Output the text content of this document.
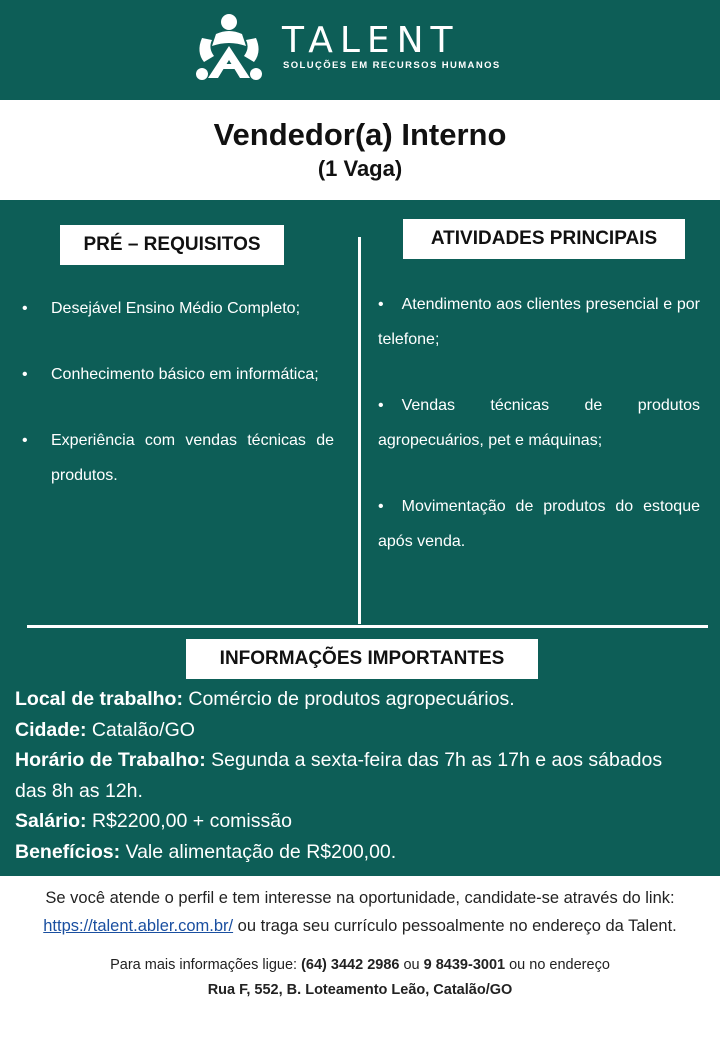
TALENT
SOLUÇÕES EM RECURSOS HUMANOS
Vendedor(a) Interno
(1 Vaga)
PRÉ – REQUISITOS	ATIVIDADES PRINCIPAIS
• Desejável Ensino Médio Completo;
• Conhecimento básico em informática;
• Experiência com vendas técnicas de produtos.
• Atendimento aos clientes presencial e por telefone;
• Vendas técnicas de produtos agropecuários, pet e máquinas;
• Movimentação de produtos do estoque após venda.
INFORMAÇÕES IMPORTANTES
Local de trabalho: Comércio de produtos agropecuários.
Cidade: Catalão/GO
Horário de Trabalho: Segunda a sexta-feira das 7h as 17h e aos sábados das 8h as 12h.
Salário: R$2200,00 + comissão
Benefícios: Vale alimentação de R$200,00.
Se você atende o perfil e tem interesse na oportunidade, candidate-se através do link: https://talent.abler.com.br/ ou traga seu currículo pessoalmente no endereço da Talent.
Para mais informações ligue: (64) 3442 2986 ou 9 8439-3001 ou no endereço
Rua F, 552, B. Loteamento Leão, Catalão/GO
